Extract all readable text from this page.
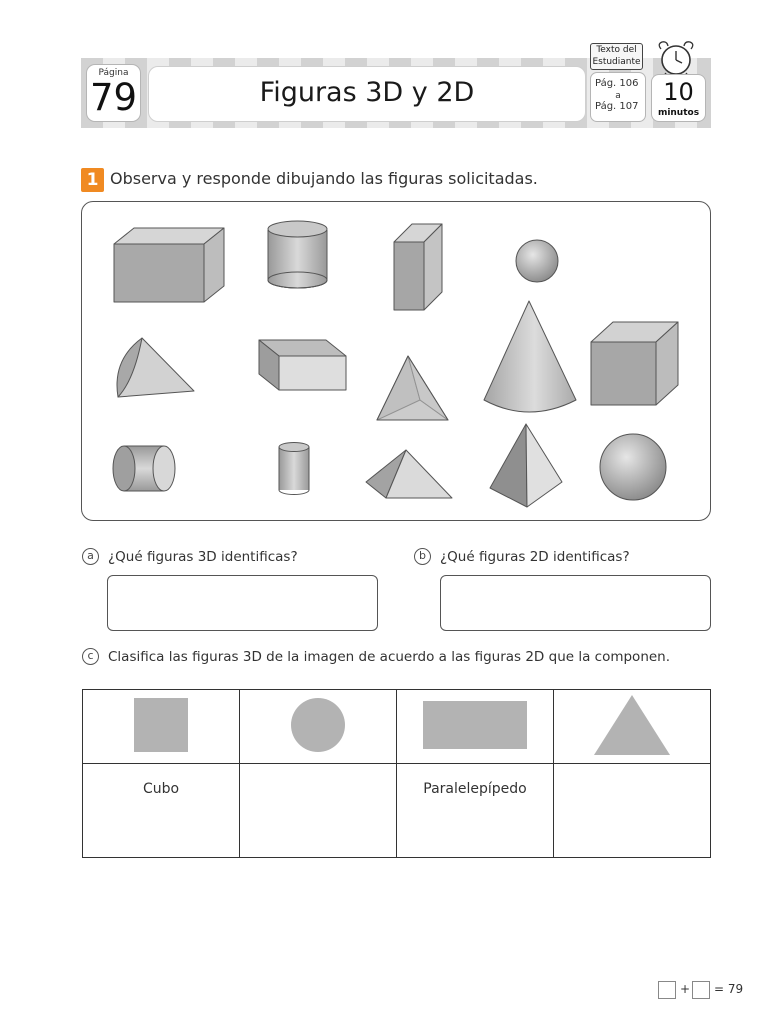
Página
79	Figuras 3D y 2D
Texto del
Estudiante
Pág. 106
a
Pág. 107
10
minutos
1 Observa y responde dibujando las figuras solicitadas.
a	¿Qué figuras 3D identificas?	b	¿Qué figuras 2D identificas?
c	Clasifica las figuras 3D de la imagen de acuerdo a las figuras 2D que la componen.

Cubo		Paralelepípedo	
+ = 79
